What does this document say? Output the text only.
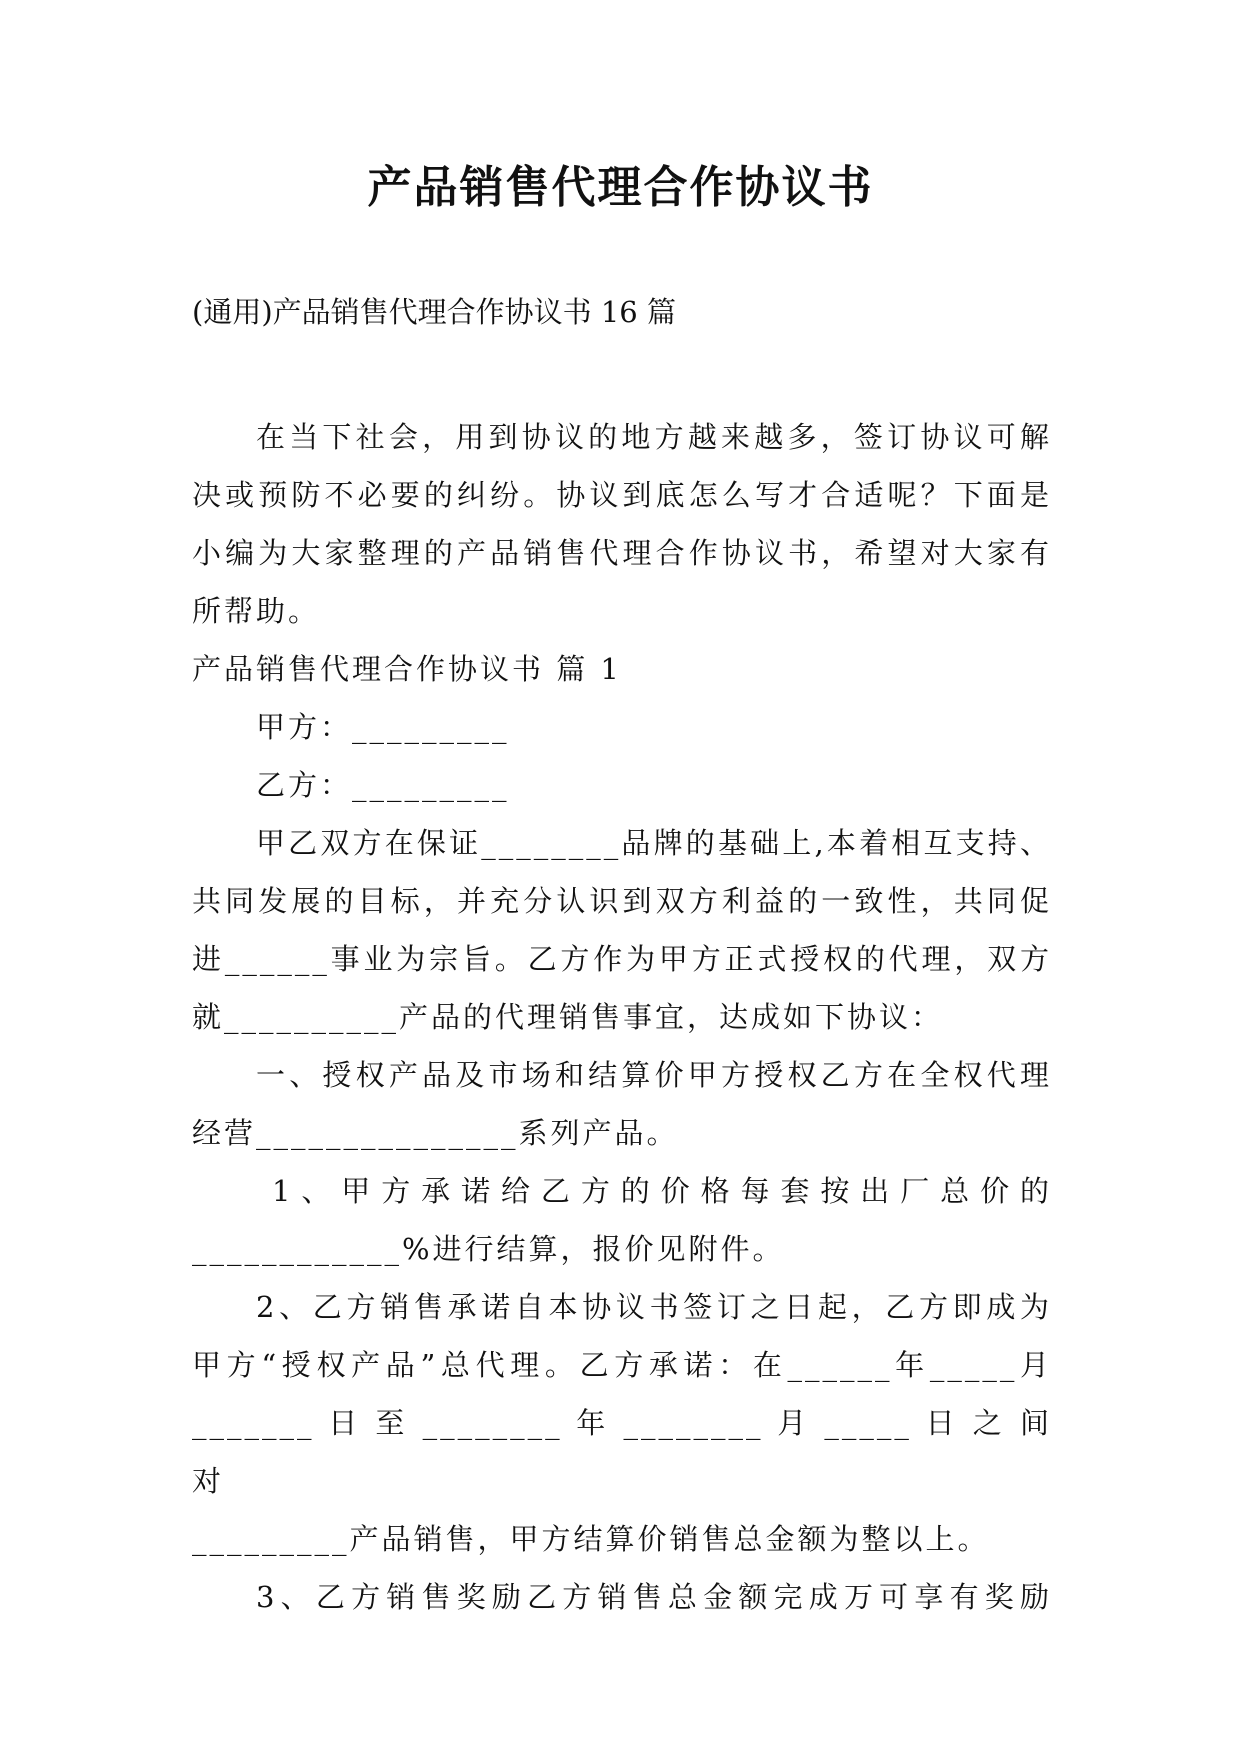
产品销售代理合作协议书
(通用)产品销售代理合作协议书 16 篇

在当下社会，用到协议的地方越来越多，签订协议可解决或预防不必要的纠纷。协议到底怎么写才合适呢？下面是小编为大家整理的产品销售代理合作协议书，希望对大家有所帮助。

产品销售代理合作协议书 篇 1

甲方：_________

乙方：_________

甲乙双方在保证________品牌的基础上,本着相互支持、共同发展的目标，并充分认识到双方利益的一致性，共同促进______事业为宗旨。乙方作为甲方正式授权的代理，双方就__________产品的代理销售事宜，达成如下协议：

一、授权产品及市场和结算价甲方授权乙方在全权代理经营_______________系列产品。

1、甲方承诺给乙方的价格每套按出厂总价的

____________%进行结算，报价见附件。

2、乙方销售承诺自本协议书签订之日起，乙方即成为

甲方“授权产品”总代理。乙方承诺：在______年_____月

_______ 日 至 ________ 年 ________ 月 _____ 日 之 间 对

_________产品销售，甲方结算价销售总金额为整以上。

3、乙方销售奖励乙方销售总金额完成万可享有奖励
